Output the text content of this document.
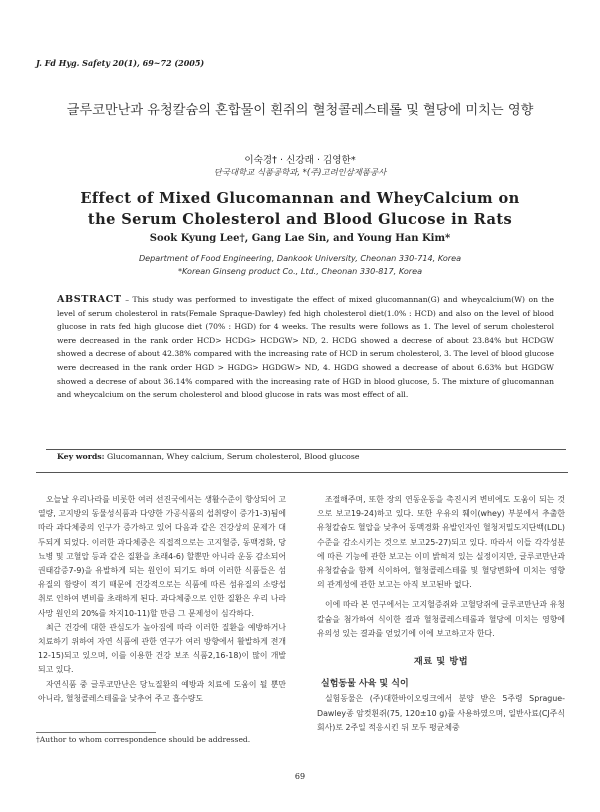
J. Fd Hyg. Safety 20(1), 69~72 (2005)
글루코만난과 유청칼슘의 혼합물이 흰쥐의 혈청콜레스테롤 및 혈당에 미치는 영향
이숙경† · 신강래 · 김영한*
단국대학교 식품공학과, *(주)고려인삼제품공사
Effect of Mixed Glucomannan and WheyCalcium on the Serum Cholesterol and Blood Glucose in Rats
Sook Kyung Lee†, Gang Lae Sin, and Young Han Kim*
Department of Food Engineering, Dankook University, Cheonan 330-714, Korea
*Korean Ginseng product Co., Ltd., Cheonan 330-817, Korea
ABSTRACT – This study was performed to investigate the effect of mixed glucomannan(G) and wheycalcium(W) on the level of serum cholesterol in rats(Female Spraque-Dawley) fed high cholesterol diet(1.0% : HCD) and also on the level of blood glucose in rats fed high glucose diet (70% : HGD) for 4 weeks. The results were follows as 1. The level of serum cholesterol were decreased in the rank order HCD> HCDG> HCDGW> ND, 2. HCDG showed a decrese of about 23.84% but HCDGW showed a decrese of about 42.38% compared with the increasing rate of HCD in serum cholesterol, 3. The level of blood glucose were decreased in the rank order HGD > HGDG> HGDGW> ND, 4. HGDG showed a decrease of about 6.63% but HGDGW showed a decrese of about 36.14% compared with the increasing rate of HGD in blood glucose, 5. The mixture of glucomannan and wheycalcium on the serum cholesterol and blood glucose in rats was most effect of all.
Key words: Glucomannan, Whey calcium, Serum cholesterol, Blood glucose

오늘날 우리나라를 비롯한 여러 선진국에서는 생활수준이 향상되어 고열량, 고지방의 동물성식품과 다양한 가공식품의 섭취량이 증가1-3)됨에 따라 과다체중의 인구가 증가하고 있어 다음과 같은 건강상의 문제가 대두되게 되었다. 이러한 과다체중은 직접적으로는 고지혈증, 동맥경화, 당뇨병 및 고혈압 등과 같은 질환을 초래4-6) 할뿐만 아니라 운동 감소되어 권태감증7-9)을 유발하게 되는 원인이 되기도 하며 이러한 식품들은 섬유질의 함량이 적기 때문에 건강적으로는 식품에 따른 섬유질의 소량섭취로 인하여 변비를 초래하게 된다. 과다체중으로 인한 질환은 우리 나라 사망 원인의 20%를 차지10-11)할 만큼 그 문제성이 심각하다.

최근 건강에 대한 관심도가 높아짐에 따라 이러한 질환을 예방하거나 치료하기 위하여 자연 식품에 관한 연구가 여러 방향에서 활발하게 전개12-15)되고 있으며, 이를 이용한 건강 보조 식품2,16-18)이 많이 개발되고 있다.

자연식품 중 글루코만난은 당뇨질환의 예방과 치료에 도움이 될 뿐만 아니라, 혈청콜레스테롤을 낮추어 주고 흡수량도

조절해주며, 또한 장의 연동운동을 촉진시켜 변비에도 도움이 되는 것으로 보고19-24)하고 있다. 또한 우유의 훼이(whey) 부분에서 추출한 유청칼슘도 혈압을 낮추어 동맥경화 유발인자인 혈청저밀도지단백(LDL) 수준을 감소시키는 것으로 보고25-27)되고 있다. 따라서 이들 각각성분에 따른 기능에 관한 보고는 이미 밝혀져 있는 실정이지만, 글루코만난과 유청칼슘을 함께 식이하여, 혈청콜레스테롤 및 혈당변화에 미치는 영향의 관계성에 관한 보고는 아직 보고된바 없다.

이에 따라 본 연구에서는 고지혈증쥐와 고혈당쥐에 글루코만난과 유청칼슘을 첨가하여 식이한 결과 혈청콜레스테롤과 혈당에 미치는 영향에 유의성 있는 결과를 얻었기에 이에 보고하고자 한다.

재료 및 방법
실험동물 사육 및 식이

실험동물은 (주)대한바이오링크에서 분양 받은 5주령 Sprague-Dawley종 암컷흰쥐(75, 120±10 g)를 사용하였으며, 일반사료(CJ주식회사)로 2주일 적응시킨 뒤 모두 평균체중

†Author to whom correspondence should be addressed.
69
